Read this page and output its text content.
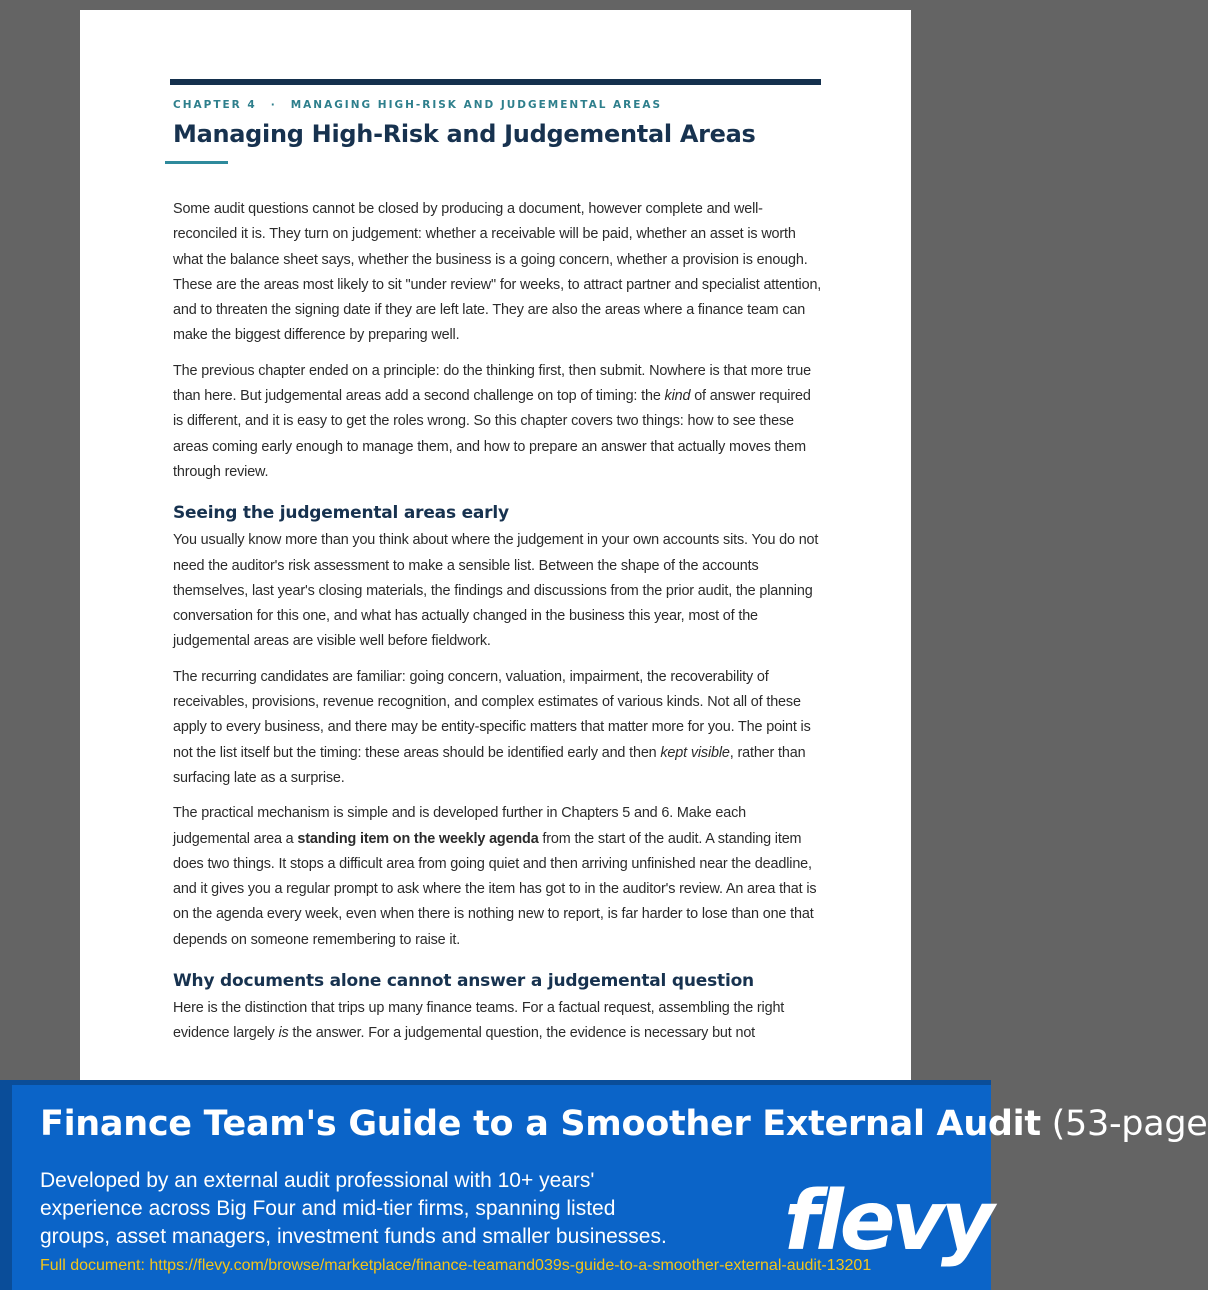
CHAPTER 4 · MANAGING HIGH-RISK AND JUDGEMENTAL AREAS
Managing High-Risk and Judgemental Areas

Some audit questions cannot be closed by producing a document, however complete and well-reconciled it is. They turn on judgement: whether a receivable will be paid, whether an asset is worth what the balance sheet says, whether the business is a going concern, whether a provision is enough. These are the areas most likely to sit "under review" for weeks, to attract partner and specialist attention, and to threaten the signing date if they are left late. They are also the areas where a finance team can make the biggest difference by preparing well.

The previous chapter ended on a principle: do the thinking first, then submit. Nowhere is that more true than here. But judgemental areas add a second challenge on top of timing: the kind of answer required is different, and it is easy to get the roles wrong. So this chapter covers two things: how to see these areas coming early enough to manage them, and how to prepare an answer that actually moves them through review.

Seeing the judgemental areas early

You usually know more than you think about where the judgement in your own accounts sits. You do not need the auditor's risk assessment to make a sensible list. Between the shape of the accounts themselves, last year's closing materials, the findings and discussions from the prior audit, the planning conversation for this one, and what has actually changed in the business this year, most of the judgemental areas are visible well before fieldwork.

The recurring candidates are familiar: going concern, valuation, impairment, the recoverability of receivables, provisions, revenue recognition, and complex estimates of various kinds. Not all of these apply to every business, and there may be entity-specific matters that matter more for you. The point is not the list itself but the timing: these areas should be identified early and then kept visible, rather than surfacing late as a surprise.

The practical mechanism is simple and is developed further in Chapters 5 and 6. Make each judgemental area a standing item on the weekly agenda from the start of the audit. A standing item does two things. It stops a difficult area from going quiet and then arriving unfinished near the deadline, and it gives you a regular prompt to ask where the item has got to in the auditor's review. An area that is on the agenda every week, even when there is nothing new to report, is far harder to lose than one that depends on someone remembering to raise it.

Why documents alone cannot answer a judgemental question

Here is the distinction that trips up many finance teams. For a factual request, assembling the right evidence largely is the answer. For a judgemental question, the evidence is necessary but not

Finance Team's Guide to a Smoother External Audit (53-page
Developed by an external audit professional with 10+ years' experience across Big Four and mid-tier firms, spanning listed groups, asset managers, investment funds and smaller businesses.
Full document: https://flevy.com/browse/marketplace/finance-teamand039s-guide-to-a-smoother-external-audit-13201
flevy
